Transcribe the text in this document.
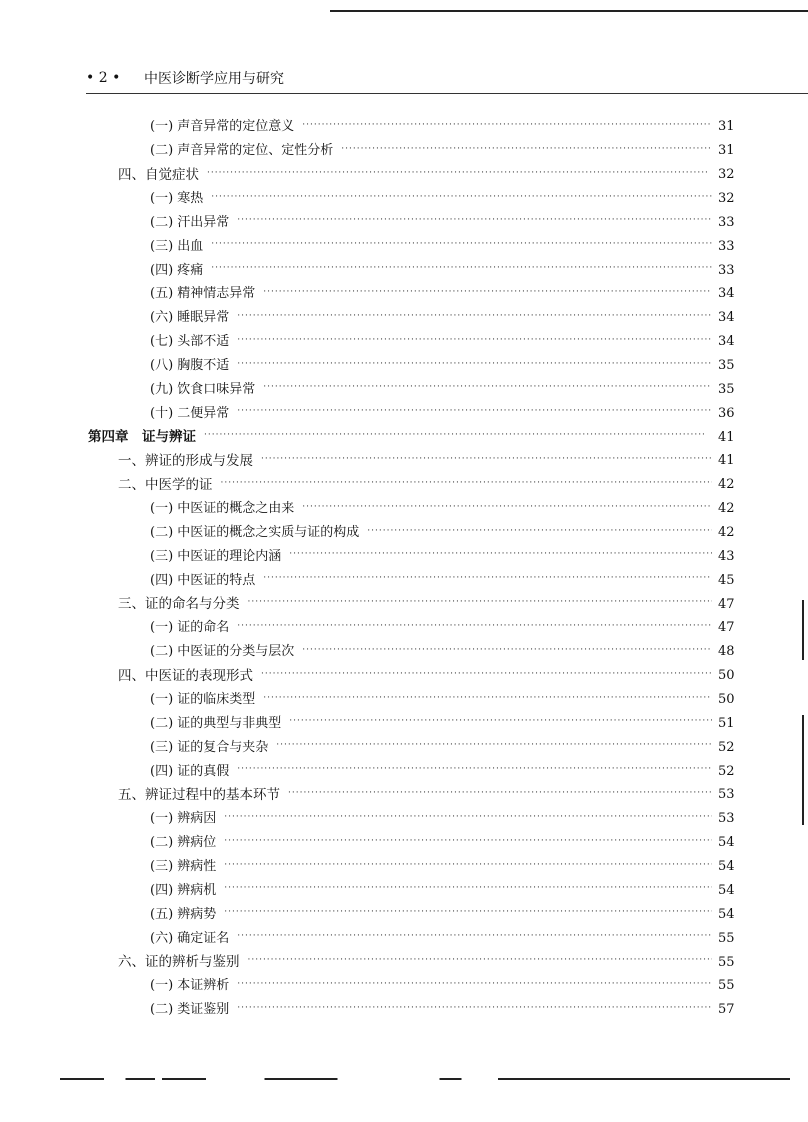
• 2 •	中医诊断学应用与研究
(一) 声音异常的定位意义 ·····	31
(二) 声音异常的定位、定性分析 ·····	31
四、自觉症状 ·····	32
(一) 寒热 ·····	32
(二) 汗出异常 ·····	33
(三) 出血 ·····	33
(四) 疼痛 ·····	33
(五) 精神情志异常 ·····	34
(六) 睡眠异常 ·····	34
(七) 头部不适 ·····	34
(八) 胸腹不适 ·····	35
(九) 饮食口味异常 ·····	35
(十) 二便异常 ·····	36
第四章　证与辨证 ·····	41
一、辨证的形成与发展 ·····	41
二、中医学的证 ·····	42
(一) 中医证的概念之由来 ·····	42
(二) 中医证的概念之实质与证的构成 ·····	42
(三) 中医证的理论内涵 ·····	43
(四) 中医证的特点 ·····	45
三、证的命名与分类 ·····	47
(一) 证的命名 ·····	47
(二) 中医证的分类与层次 ·····	48
四、中医证的表现形式 ·····	50
(一) 证的临床类型 ·····	50
(二) 证的典型与非典型 ·····	51
(三) 证的复合与夹杂 ·····	52
(四) 证的真假 ·····	52
五、辨证过程中的基本环节 ·····	53
(一) 辨病因 ·····	53
(二) 辨病位 ·····	54
(三) 辨病性 ·····	54
(四) 辨病机 ·····	54
(五) 辨病势 ·····	54
(六) 确定证名 ·····	55
六、证的辨析与鉴别 ·····	55
(一) 本证辨析 ·····	55
(二) 类证鉴别 ·····	57
